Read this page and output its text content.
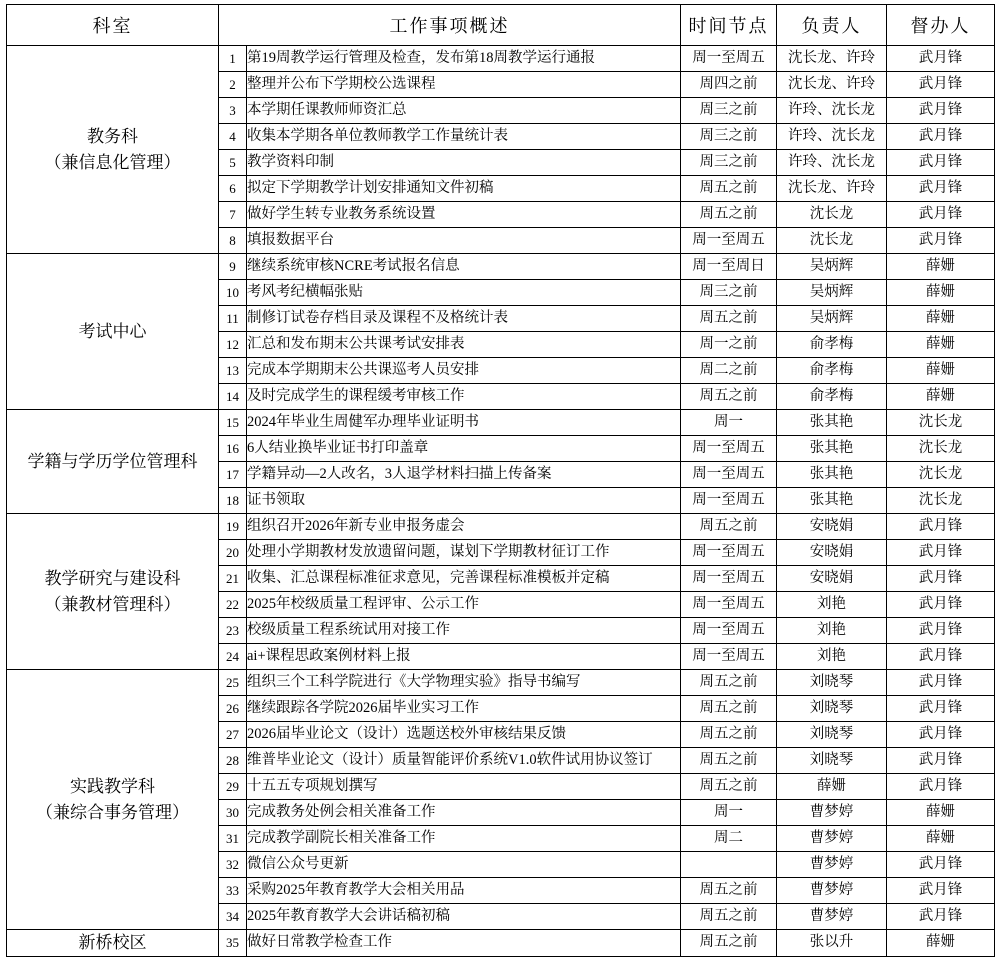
科室	工作事项概述		时间节点	负责人	督办人
教务科
（兼信息化管理）	1	第19周教学运行管理及检查，发布第18周教学运行通报	周一至周五	沈长龙、许玲	武月锋
	2	整理并公布下学期校公选课程	周四之前	沈长龙、许玲	武月锋
	3	本学期任课教师师资汇总	周三之前	许玲、沈长龙	武月锋
	4	收集本学期各单位教师教学工作量统计表	周三之前	许玲、沈长龙	武月锋
	5	教学资料印制	周三之前	许玲、沈长龙	武月锋
	6	拟定下学期教学计划安排通知文件初稿	周五之前	沈长龙、许玲	武月锋
	7	做好学生转专业教务系统设置	周五之前	沈长龙	武月锋
	8	填报数据平台	周一至周五	沈长龙	武月锋
考试中心	9	继续系统审核NCRE考试报名信息	周一至周日	吴炳辉	薛姗
	10	考风考纪横幅张贴	周三之前	吴炳辉	薛姗
	11	制修订试卷存档目录及课程不及格统计表	周五之前	吴炳辉	薛姗
	12	汇总和发布期末公共课考试安排表	周一之前	俞孝梅	薛姗
	13	完成本学期期末公共课巡考人员安排	周二之前	俞孝梅	薛姗
	14	及时完成学生的课程缓考审核工作	周五之前	俞孝梅	薛姗
学籍与学历学位管理科	15	2024年毕业生周健军办理毕业证明书	周一	张其艳	沈长龙
	16	6人结业换毕业证书打印盖章	周一至周五	张其艳	沈长龙
	17	学籍异动—2人改名，3人退学材料扫描上传备案	周一至周五	张其艳	沈长龙
	18	证书领取	周一至周五	张其艳	沈长龙
教学研究与建设科
（兼教材管理科）	19	组织召开2026年新专业申报务虚会	周五之前	安晓娟	武月锋
	20	处理小学期教材发放遗留问题，谋划下学期教材征订工作	周一至周五	安晓娟	武月锋
	21	收集、汇总课程标准征求意见，完善课程标准模板并定稿	周一至周五	安晓娟	武月锋
	22	2025年校级质量工程评审、公示工作	周一至周五	刘艳	武月锋
	23	校级质量工程系统试用对接工作	周一至周五	刘艳	武月锋
	24	ai+课程思政案例材料上报	周一至周五	刘艳	武月锋
实践教学科
（兼综合事务管理）	25	组织三个工科学院进行《大学物理实验》指导书编写	周五之前	刘晓琴	武月锋
	26	继续跟踪各学院2026届毕业实习工作	周五之前	刘晓琴	武月锋
	27	2026届毕业论文（设计）选题送校外审核结果反馈	周五之前	刘晓琴	武月锋
	28	维普毕业论文（设计）质量智能评价系统V1.0软件试用协议签订	周五之前	刘晓琴	武月锋
	29	十五五专项规划撰写	周五之前	薛姗	武月锋
	30	完成教务处例会相关准备工作	周一	曹梦婷	薛姗
	31	完成教学副院长相关准备工作	周二	曹梦婷	薛姗
	32	微信公众号更新		曹梦婷	武月锋
	33	采购2025年教育教学大会相关用品	周五之前	曹梦婷	武月锋
	34	2025年教育教学大会讲话稿初稿	周五之前	曹梦婷	武月锋
新桥校区	35	做好日常教学检查工作	周五之前	张以升	薛姗
